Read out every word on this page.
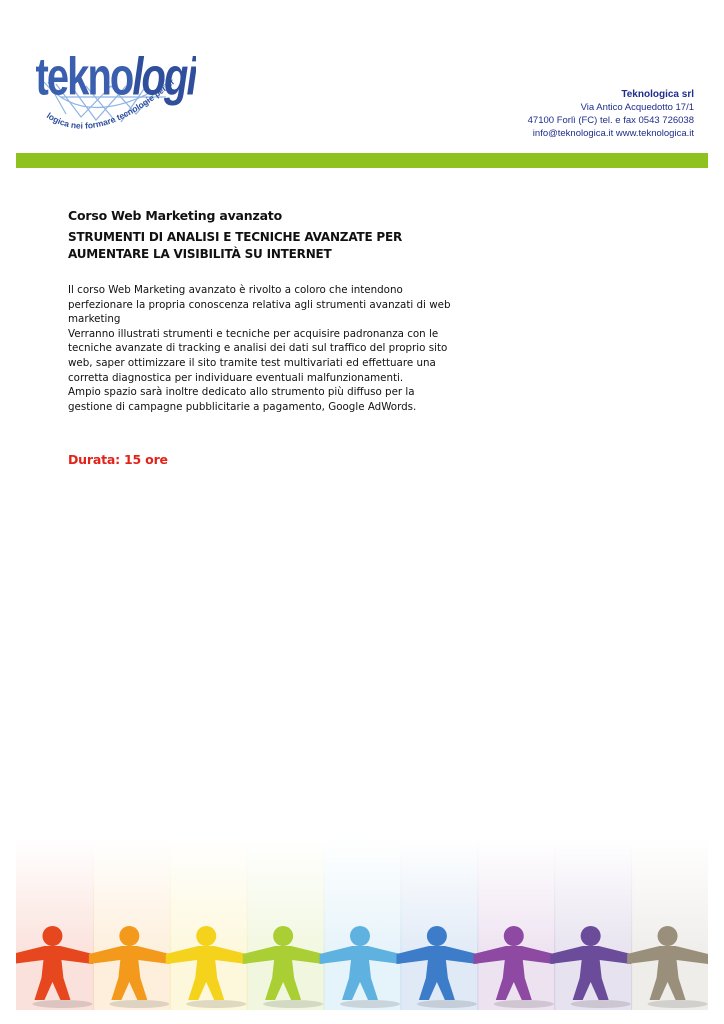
teknologi
logica nei formare tecnologie per cr
Teknologica srl
Via Antico Acquedotto 17/1
47100 Forlì (FC) tel. e fax 0543 726038
info@teknologica.it www.teknologica.it
Corso Web Marketing avanzato
STRUMENTI DI ANALISI E TECNICHE AVANZATE PER AUMENTARE LA VISIBILITÀ SU INTERNET

Il corso Web Marketing avanzato è rivolto a coloro che intendono perfezionare la propria conoscenza relativa agli strumenti avanzati di web marketing

Verranno illustrati strumenti e tecniche per acquisire padronanza con le tecniche avanzate di tracking e analisi dei dati sul traffico del proprio sito web, saper ottimizzare il sito tramite test multivariati ed effettuare una corretta diagnostica per individuare eventuali malfunzionamenti.

Ampio spazio sarà inoltre dedicato allo strumento più diffuso per la gestione di campagne pubblicitarie a pagamento, Google AdWords.

Durata: 15 ore
